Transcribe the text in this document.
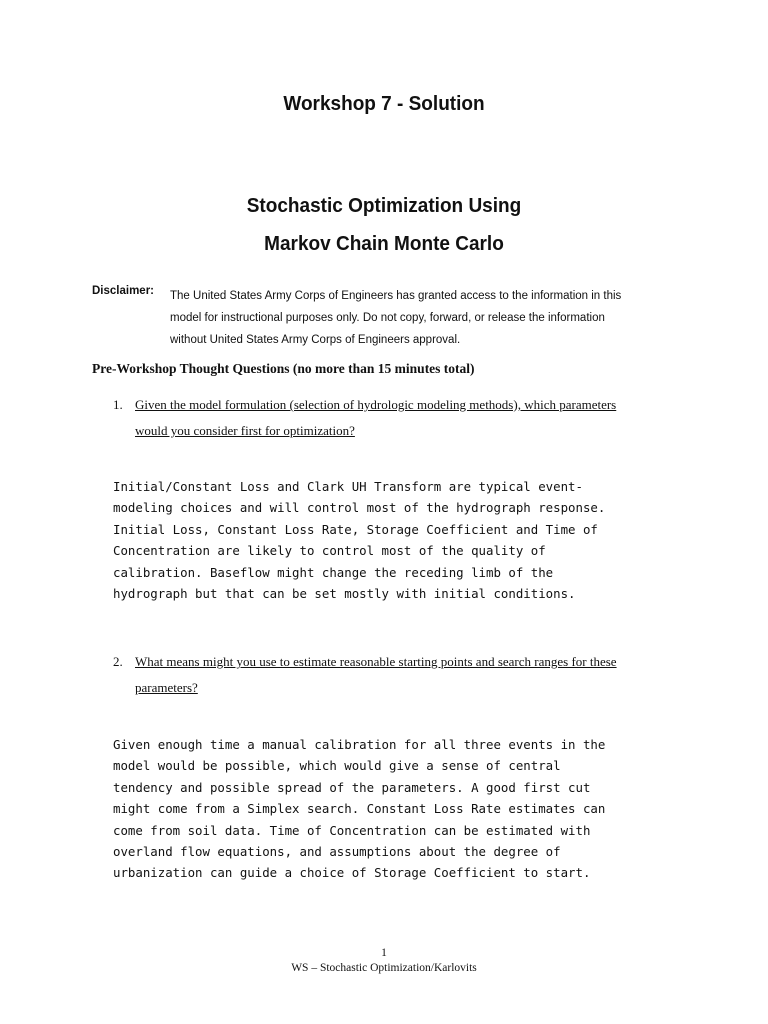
Workshop 7 - Solution
Stochastic Optimization Using
Markov Chain Monte Carlo
Disclaimer: The United States Army Corps of Engineers has granted access to the information in this
model for instructional purposes only. Do not copy, forward, or release the information
without United States Army Corps of Engineers approval.
Pre-Workshop Thought Questions (no more than 15 minutes total)
1. Given the model formulation (selection of hydrologic modeling methods), which parameters
would you consider first for optimization?
Initial/Constant Loss and Clark UH Transform are typical event-
modeling choices and will control most of the hydrograph response.
Initial Loss, Constant Loss Rate, Storage Coefficient and Time of
Concentration are likely to control most of the quality of
calibration. Baseflow might change the receding limb of the
hydrograph but that can be set mostly with initial conditions.
2. What means might you use to estimate reasonable starting points and search ranges for these
parameters?
Given enough time a manual calibration for all three events in the
model would be possible, which would give a sense of central
tendency and possible spread of the parameters. A good first cut
might come from a Simplex search. Constant Loss Rate estimates can
come from soil data. Time of Concentration can be estimated with
overland flow equations, and assumptions about the degree of
urbanization can guide a choice of Storage Coefficient to start.
1
WS – Stochastic Optimization/Karlovits
